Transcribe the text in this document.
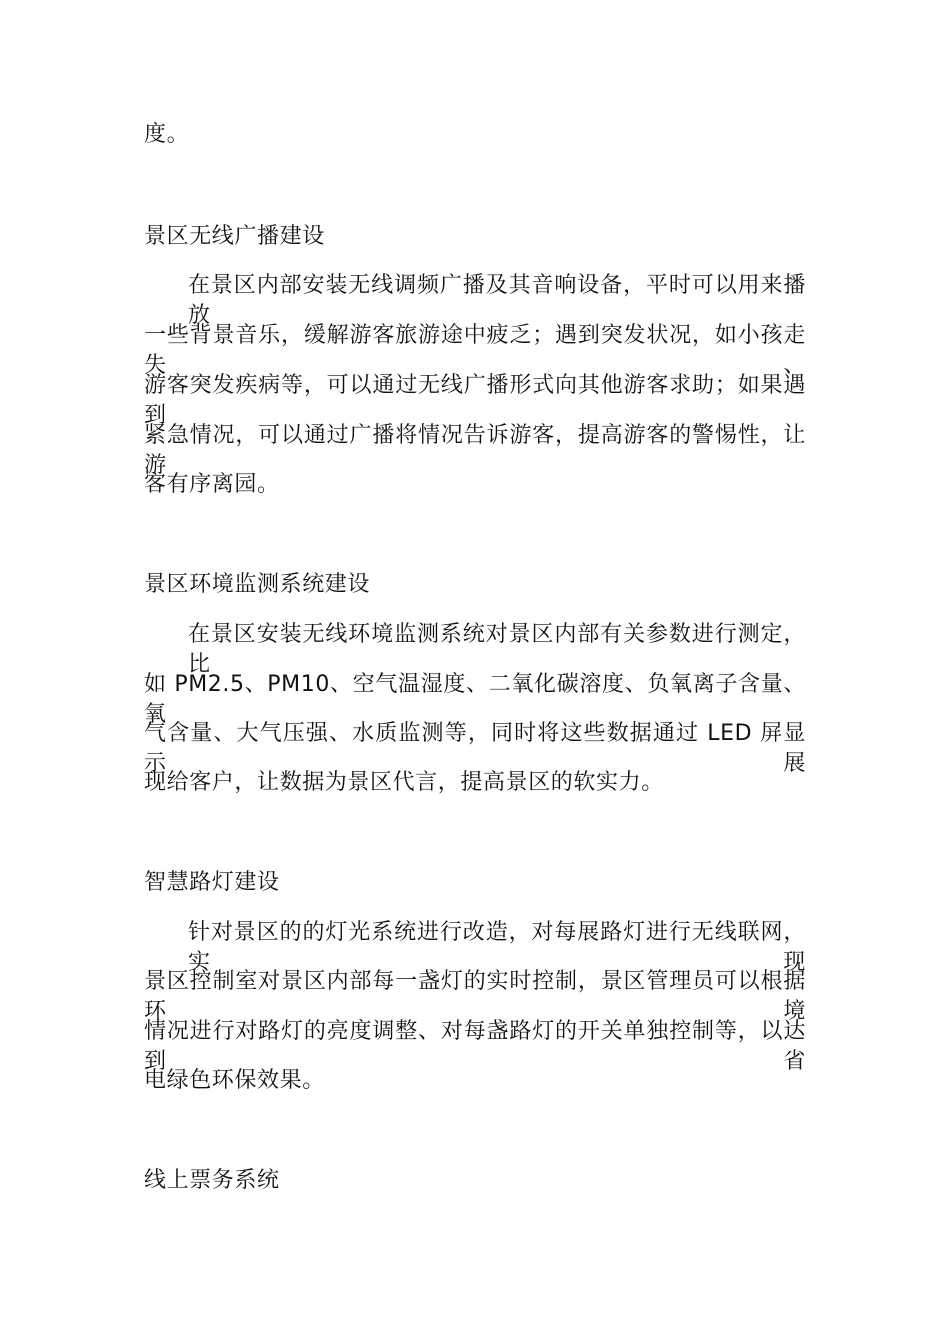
度。
景区无线广播建设
在景区内部安装无线调频广播及其音响设备，平时可以用来播放
一些背景音乐，缓解游客旅游途中疲乏；遇到突发状况，如小孩走失、
游客突发疾病等，可以通过无线广播形式向其他游客求助；如果遇到
紧急情况，可以通过广播将情况告诉游客，提高游客的警惕性，让游
客有序离园。
景区环境监测系统建设
在景区安装无线环境监测系统对景区内部有关参数进行测定，比
如 PM2.5、PM10、空气温湿度、二氧化碳溶度、负氧离子含量、氧
气含量、大气压强、水质监测等，同时将这些数据通过 LED 屏显示展
现给客户，让数据为景区代言，提高景区的软实力。
智慧路灯建设
针对景区的的灯光系统进行改造，对每展路灯进行无线联网，实现
景区控制室对景区内部每一盏灯的实时控制，景区管理员可以根据环境
情况进行对路灯的亮度调整、对每盏路灯的开关单独控制等，以达到省
电绿色环保效果。
线上票务系统
